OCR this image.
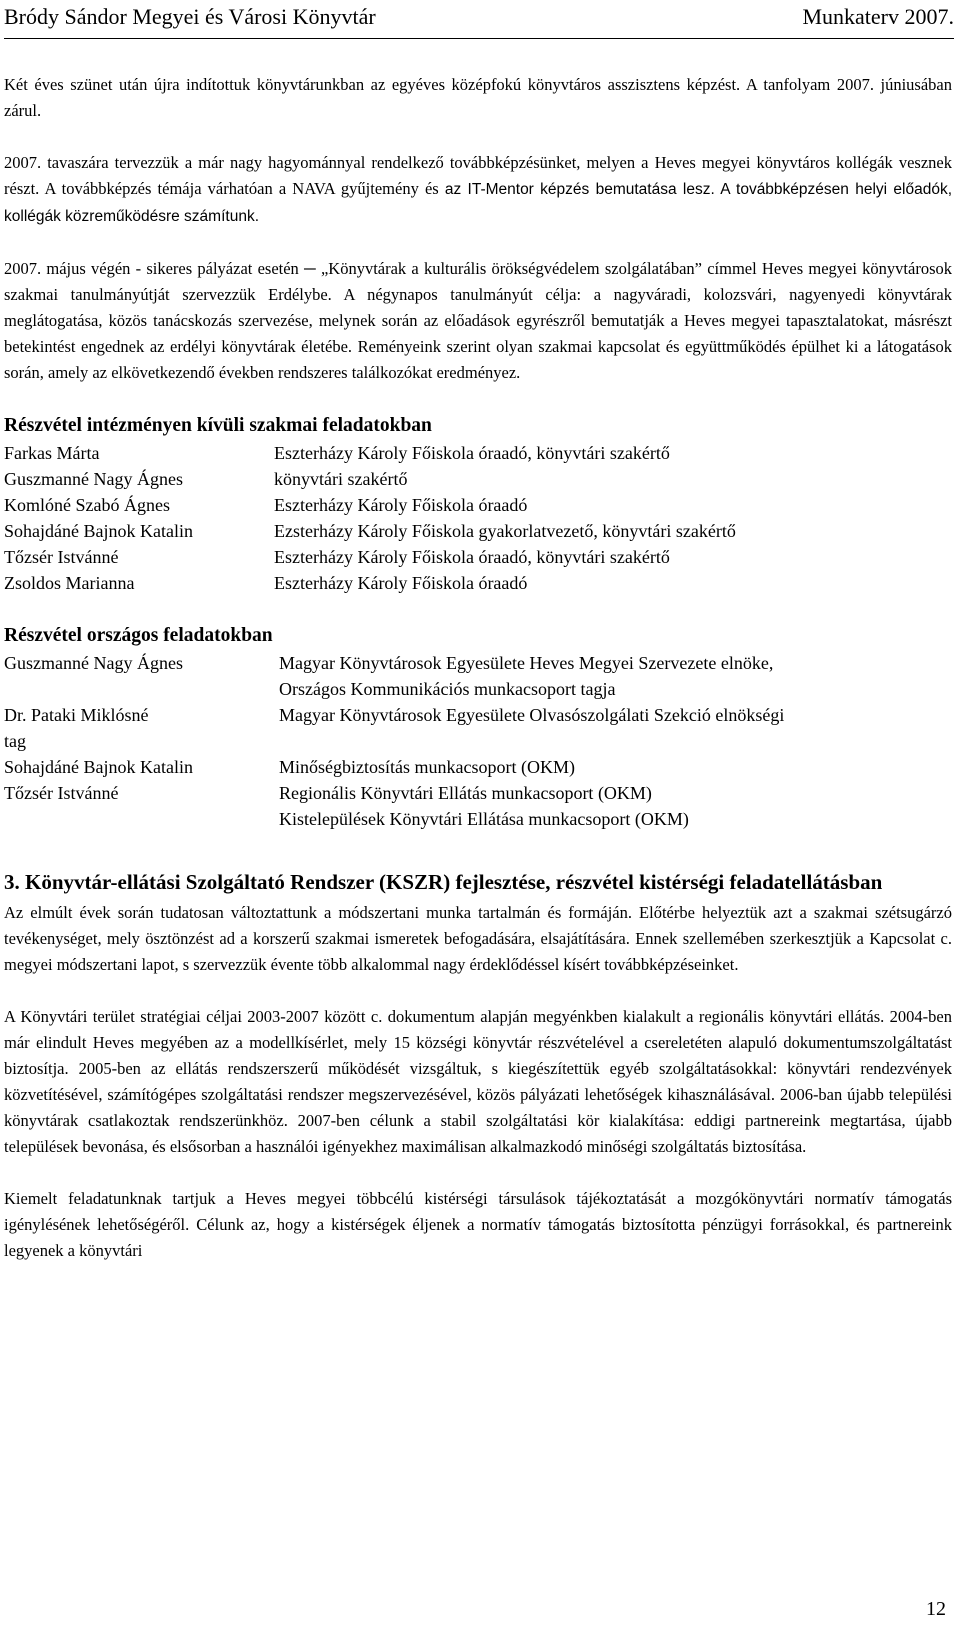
Bródy Sándor Megyei és Városi Könyvtár	Munkaterv 2007.

Két éves szünet után újra indítottuk könyvtárunkban az egyéves középfokú könyvtáros asszisztens képzést. A tanfolyam 2007. júniusában zárul.

2007. tavaszára tervezzük a már nagy hagyománnyal rendelkező továbbképzésünket, melyen a Heves megyei könyvtáros kollégák vesznek részt. A továbbképzés témája várhatóan a NAVA gyűjtemény és az IT-Mentor képzés bemutatása lesz. A továbbképzésen helyi előadók, kollégák közreműködésre számítunk.

2007. május végén - sikeres pályázat esetén ─ „Könyvtárak a kulturális örökségvédelem szolgálatában” címmel Heves megyei könyvtárosok szakmai tanulmányútját szervezzük Erdélybe. A négynapos tanulmányút célja: a nagyváradi, kolozsvári, nagyenyedi könyvtárak meglátogatása, közös tanácskozás szervezése, melynek során az előadások egyrészről bemutatják a Heves megyei tapasztalatokat, másrészt betekintést engednek az erdélyi könyvtárak életébe. Reményeink szerint olyan szakmai kapcsolat és együttműködés épülhet ki a látogatások során, amely az elkövetkezendő években rendszeres találkozókat eredményez.

Részvétel intézményen kívüli szakmai feladatokban
Farkas Márta	Eszterházy Károly Főiskola óraadó, könyvtári szakértő
Guszmanné Nagy Ágnes	könyvtári szakértő
Komlóné Szabó Ágnes	Eszterházy Károly Főiskola óraadó
Sohajdáné Bajnok Katalin	Ezsterházy Károly Főiskola gyakorlatvezető, könyvtári szakértő
Tőzsér Istvánné	Eszterházy Károly Főiskola óraadó, könyvtári szakértő
Zsoldos Marianna	Eszterházy Károly Főiskola óraadó
Részvétel országos feladatokban
Guszmanné Nagy Ágnes	Magyar Könyvtárosok Egyesülete Heves Megyei Szervezete elnöke,
Országos Kommunikációs munkacsoport tagja
Dr. Pataki Miklósné	Magyar Könyvtárosok Egyesülete Olvasószolgálati Szekció elnökségi
tag
Sohajdáné Bajnok Katalin	Minőségbiztosítás munkacsoport (OKM)
Tőzsér Istvánné	Regionális Könyvtári Ellátás munkacsoport (OKM)
Kistelepülések Könyvtári Ellátása munkacsoport (OKM)
3. Könyvtár-ellátási Szolgáltató Rendszer (KSZR) fejlesztése, részvétel kistérségi feladatellátásban

Az elmúlt évek során tudatosan változtattunk a módszertani munka tartalmán és formáján. Előtérbe helyeztük azt a szakmai szétsugárzó tevékenységet, mely ösztönzést ad a korszerű szakmai ismeretek befogadására, elsajátítására. Ennek szellemében szerkesztjük a Kapcsolat c. megyei módszertani lapot, s szervezzük évente több alkalommal nagy érdeklődéssel kísért továbbképzéseinket.

A Könyvtári terület stratégiai céljai 2003-2007 között c. dokumentum alapján megyénkben kialakult a regionális könyvtári ellátás. 2004-ben már elindult Heves megyében az a modellkísérlet, mely 15 községi könyvtár részvételével a csereletéten alapuló dokumentumszolgáltatást biztosítja. 2005-ben az ellátás rendszerszerű működését vizsgáltuk, s kiegészítettük egyéb szolgáltatásokkal: könyvtári rendezvények közvetítésével, számítógépes szolgáltatási rendszer megszervezésével, közös pályázati lehetőségek kihasználásával. 2006-ban újabb települési könyvtárak csatlakoztak rendszerünkhöz. 2007-ben célunk a stabil szolgáltatási kör kialakítása: eddigi partnereink megtartása, újabb települések bevonása, és elsősorban a használói igényekhez maximálisan alkalmazkodó minőségi szolgáltatás biztosítása.

Kiemelt feladatunknak tartjuk a Heves megyei többcélú kistérségi társulások tájékoztatását a mozgókönyvtári normatív támogatás igénylésének lehetőségéről. Célunk az, hogy a kistérségek éljenek a normatív támogatás biztosította pénzügyi forrásokkal, és partnereink legyenek a könyvtári

12
